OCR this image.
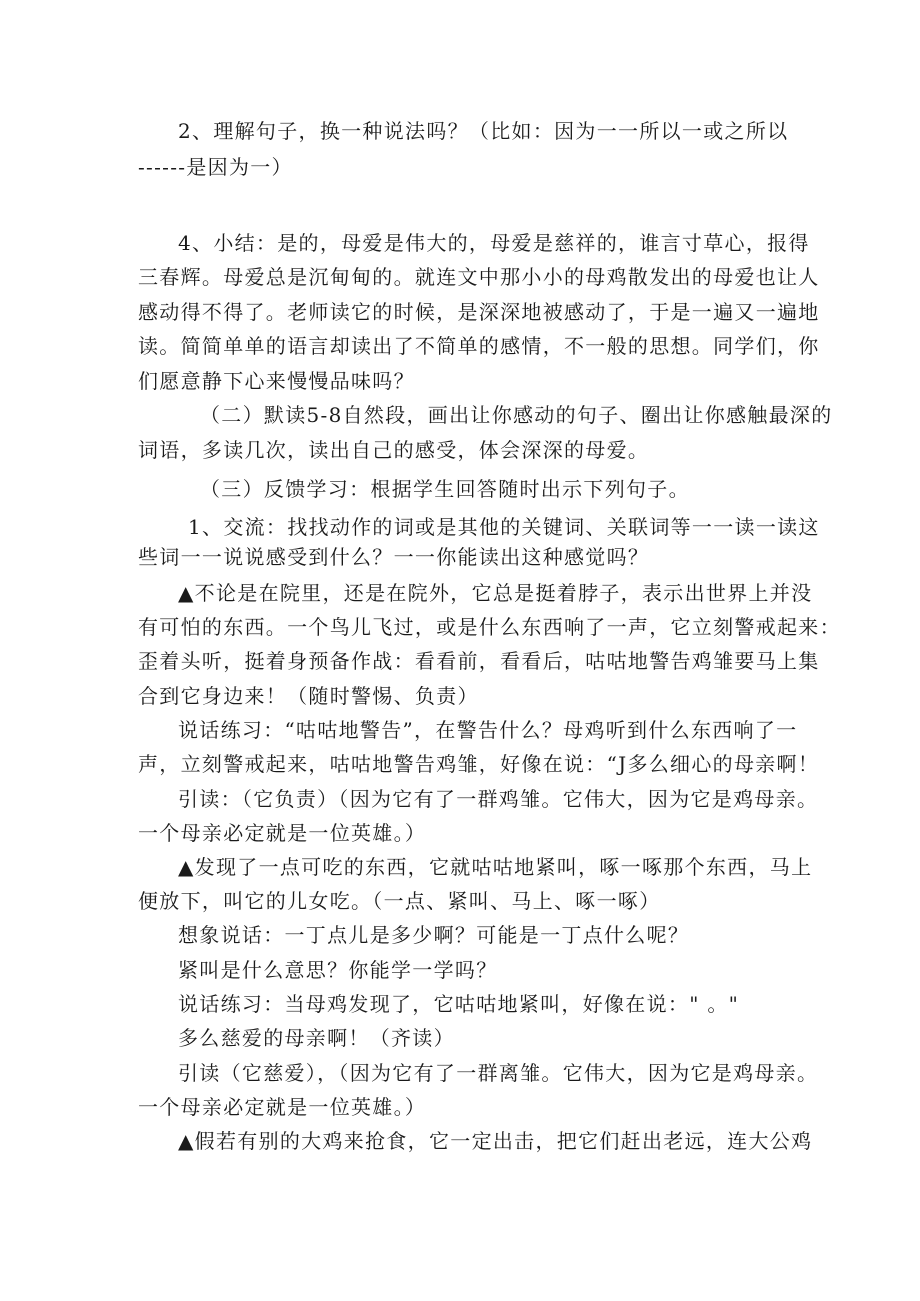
2、理解句子，换一种说法吗？（比如：因为一一所以一或之所以
------是因为一）
4、小结：是的，母爱是伟大的，母爱是慈祥的，谁言寸草心，报得
三春辉。母爱总是沉甸甸的。就连文中那小小的母鸡散发出的母爱也让人
感动得不得了。老师读它的时候，是深深地被感动了，于是一遍又一遍地
读。简简单单的语言却读出了不简单的感情，不一般的思想。同学们，你
们愿意静下心来慢慢品味吗？
（二）默读5-8自然段，画出让你感动的句子、圈出让你感触最深的
词语，多读几次，读出自己的感受，体会深深的母爱。
（三）反馈学习：根据学生回答随时出示下列句子。
1、交流：找找动作的词或是其他的关键词、关联词等一一读一读这
些词一一说说感受到什么？一一你能读出这种感觉吗？
▲不论是在院里，还是在院外，它总是挺着脖子，表示出世界上并没
有可怕的东西。一个鸟儿飞过，或是什么东西响了一声，它立刻警戒起来：
歪着头听，挺着身预备作战：看看前，看看后，咕咕地警告鸡雏要马上集
合到它身边来！（随时警惕、负责）
说话练习：“咕咕地警告”，在警告什么？母鸡听到什么东西响了一
声，立刻警戒起来，咕咕地警告鸡雏，好像在说：“J多么细心的母亲啊！
引读：（它负责）（因为它有了一群鸡雏。它伟大，因为它是鸡母亲。
一个母亲必定就是一位英雄。）
▲发现了一点可吃的东西，它就咕咕地紧叫，啄一啄那个东西，马上
便放下，叫它的儿女吃。（一点、紧叫、马上、啄一啄）
想象说话：一丁点儿是多少啊？可能是一丁点什么呢？
紧叫是什么意思？你能学一学吗？
说话练习：当母鸡发现了，它咕咕地紧叫，好像在说：" 。"
多么慈爱的母亲啊！（齐读）
引读（它慈爱），（因为它有了一群离雏。它伟大，因为它是鸡母亲。
一个母亲必定就是一位英雄。）
▲假若有别的大鸡来抢食，它一定出击，把它们赶出老远，连大公鸡
